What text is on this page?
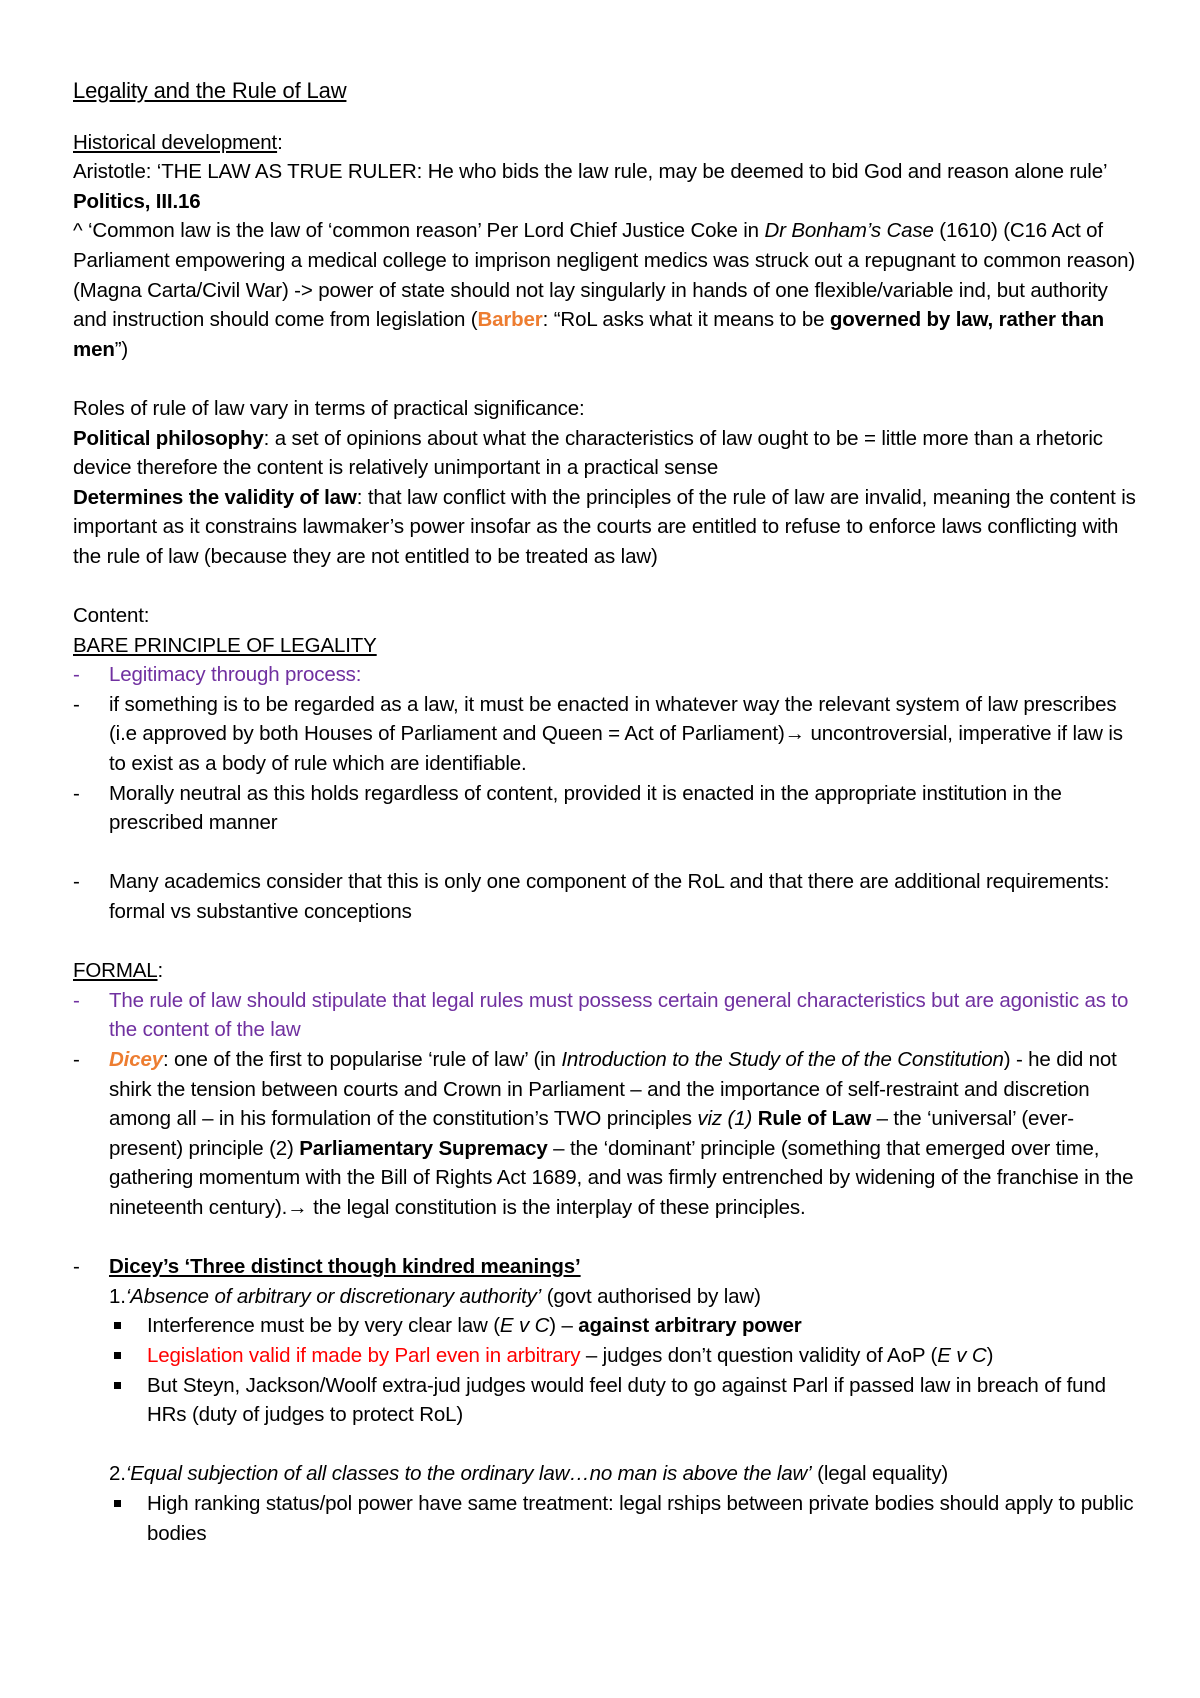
Legality and the Rule of Law

Historical development:

Aristotle: ‘THE LAW AS TRUE RULER: He who bids the law rule, may be deemed to bid God and reason alone rule’ Politics, III.16

^ ‘Common law is the law of ‘common reason’ Per Lord Chief Justice Coke in Dr Bonham’s Case (1610) (C16 Act of Parliament empowering a medical college to imprison negligent medics was struck out a repugnant to common reason)

(Magna Carta/Civil War) -> power of state should not lay singularly in hands of one flexible/variable ind, but authority and instruction should come from legislation (Barber: “RoL asks what it means to be governed by law, rather than men”)

Roles of rule of law vary in terms of practical significance:

Political philosophy: a set of opinions about what the characteristics of law ought to be = little more than a rhetoric device therefore the content is relatively unimportant in a practical sense

Determines the validity of law: that law conflict with the principles of the rule of law are invalid, meaning the content is important as it constrains lawmaker’s power insofar as the courts are entitled to refuse to enforce laws conflicting with the rule of law (because they are not entitled to be treated as law)

Content:

BARE PRINCIPLE OF LEGALITY

- Legitimacy through process:

- if something is to be regarded as a law, it must be enacted in whatever way the relevant system of law prescribes (i.e approved by both Houses of Parliament and Queen = Act of Parliament)→ uncontroversial, imperative if law is to exist as a body of rule which are identifiable.

- Morally neutral as this holds regardless of content, provided it is enacted in the appropriate institution in the prescribed manner

- Many academics consider that this is only one component of the RoL and that there are additional requirements: formal vs substantive conceptions

FORMAL:

- The rule of law should stipulate that legal rules must possess certain general characteristics but are agonistic as to the content of the law

- Dicey: one of the first to popularise ‘rule of law’ (in Introduction to the Study of the of the Constitution) - he did not shirk the tension between courts and Crown in Parliament – and the importance of self-restraint and discretion among all – in his formulation of the constitution’s TWO principles viz (1) Rule of Law – the ‘universal’ (ever-present) principle (2) Parliamentary Supremacy – the ‘dominant’ principle (something that emerged over time, gathering momentum with the Bill of Rights Act 1689, and was firmly entrenched by widening of the franchise in the nineteenth century).→ the legal constitution is the interplay of these principles.

- Dicey’s ‘Three distinct though kindred meanings’

1.‘Absence of arbitrary or discretionary authority’ (govt authorised by law)

Interference must be by very clear law (E v C) – against arbitrary power

Legislation valid if made by Parl even in arbitrary – judges don’t question validity of AoP (E v C)

But Steyn, Jackson/Woolf extra-jud judges would feel duty to go against Parl if passed law in breach of fund HRs (duty of judges to protect RoL)

2.‘Equal subjection of all classes to the ordinary law…no man is above the law’ (legal equality)

High ranking status/pol power have same treatment: legal rships between private bodies should apply to public bodies
